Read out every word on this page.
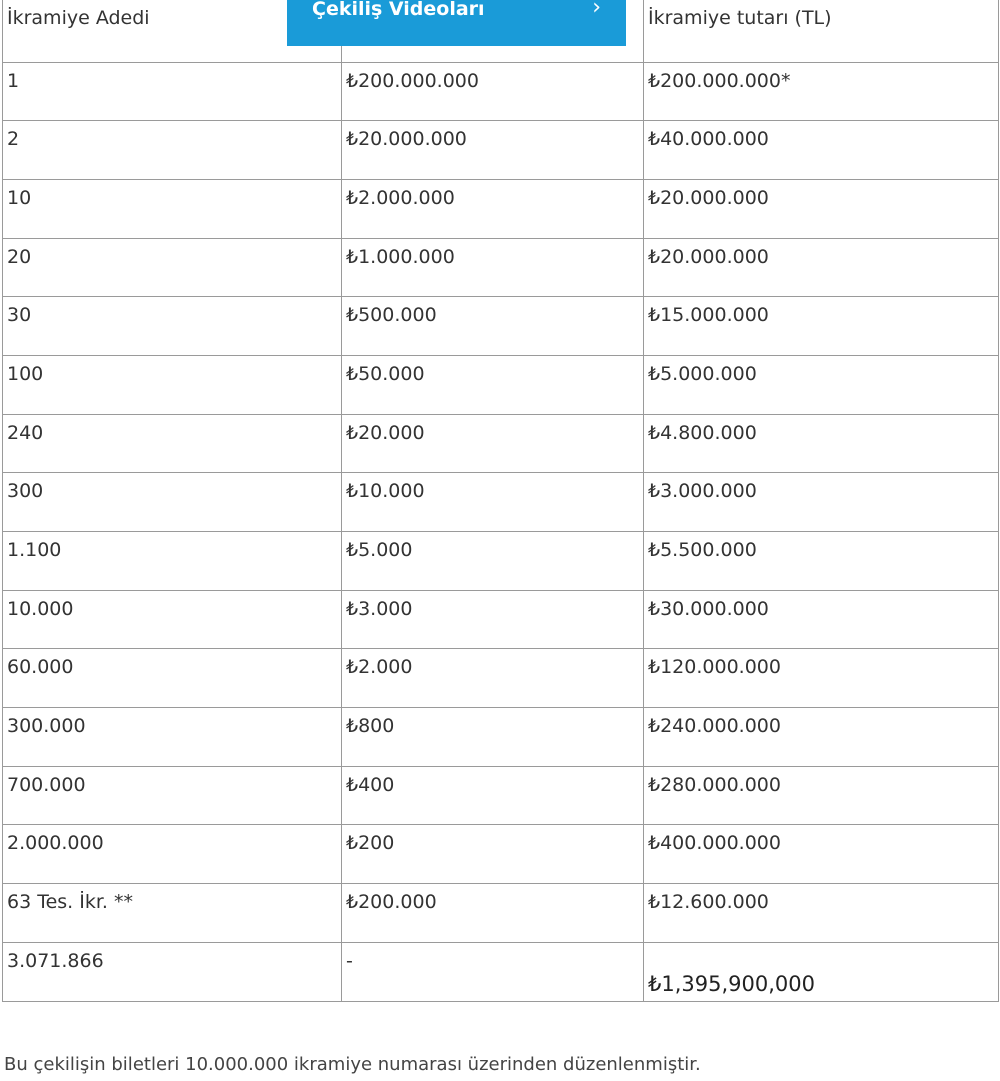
İkramiye Adedi		İkramiye tutarı (TL)
1	₺200.000.000	₺200.000.000*
2	₺20.000.000	₺40.000.000
10	₺2.000.000	₺20.000.000
20	₺1.000.000	₺20.000.000
30	₺500.000	₺15.000.000
100	₺50.000	₺5.000.000
240	₺20.000	₺4.800.000
300	₺10.000	₺3.000.000
1.100	₺5.000	₺5.500.000
10.000	₺3.000	₺30.000.000
60.000	₺2.000	₺120.000.000
300.000	₺800	₺240.000.000
700.000	₺400	₺280.000.000
2.000.000	₺200	₺400.000.000
63 Tes. İkr. **	₺200.000	₺12.600.000
3.071.866	-	₺1,395,900,000
Çekiliş Videoları	›
Bu çekilişin biletleri 10.000.000 ikramiye numarası üzerinden düzenlenmiştir.
